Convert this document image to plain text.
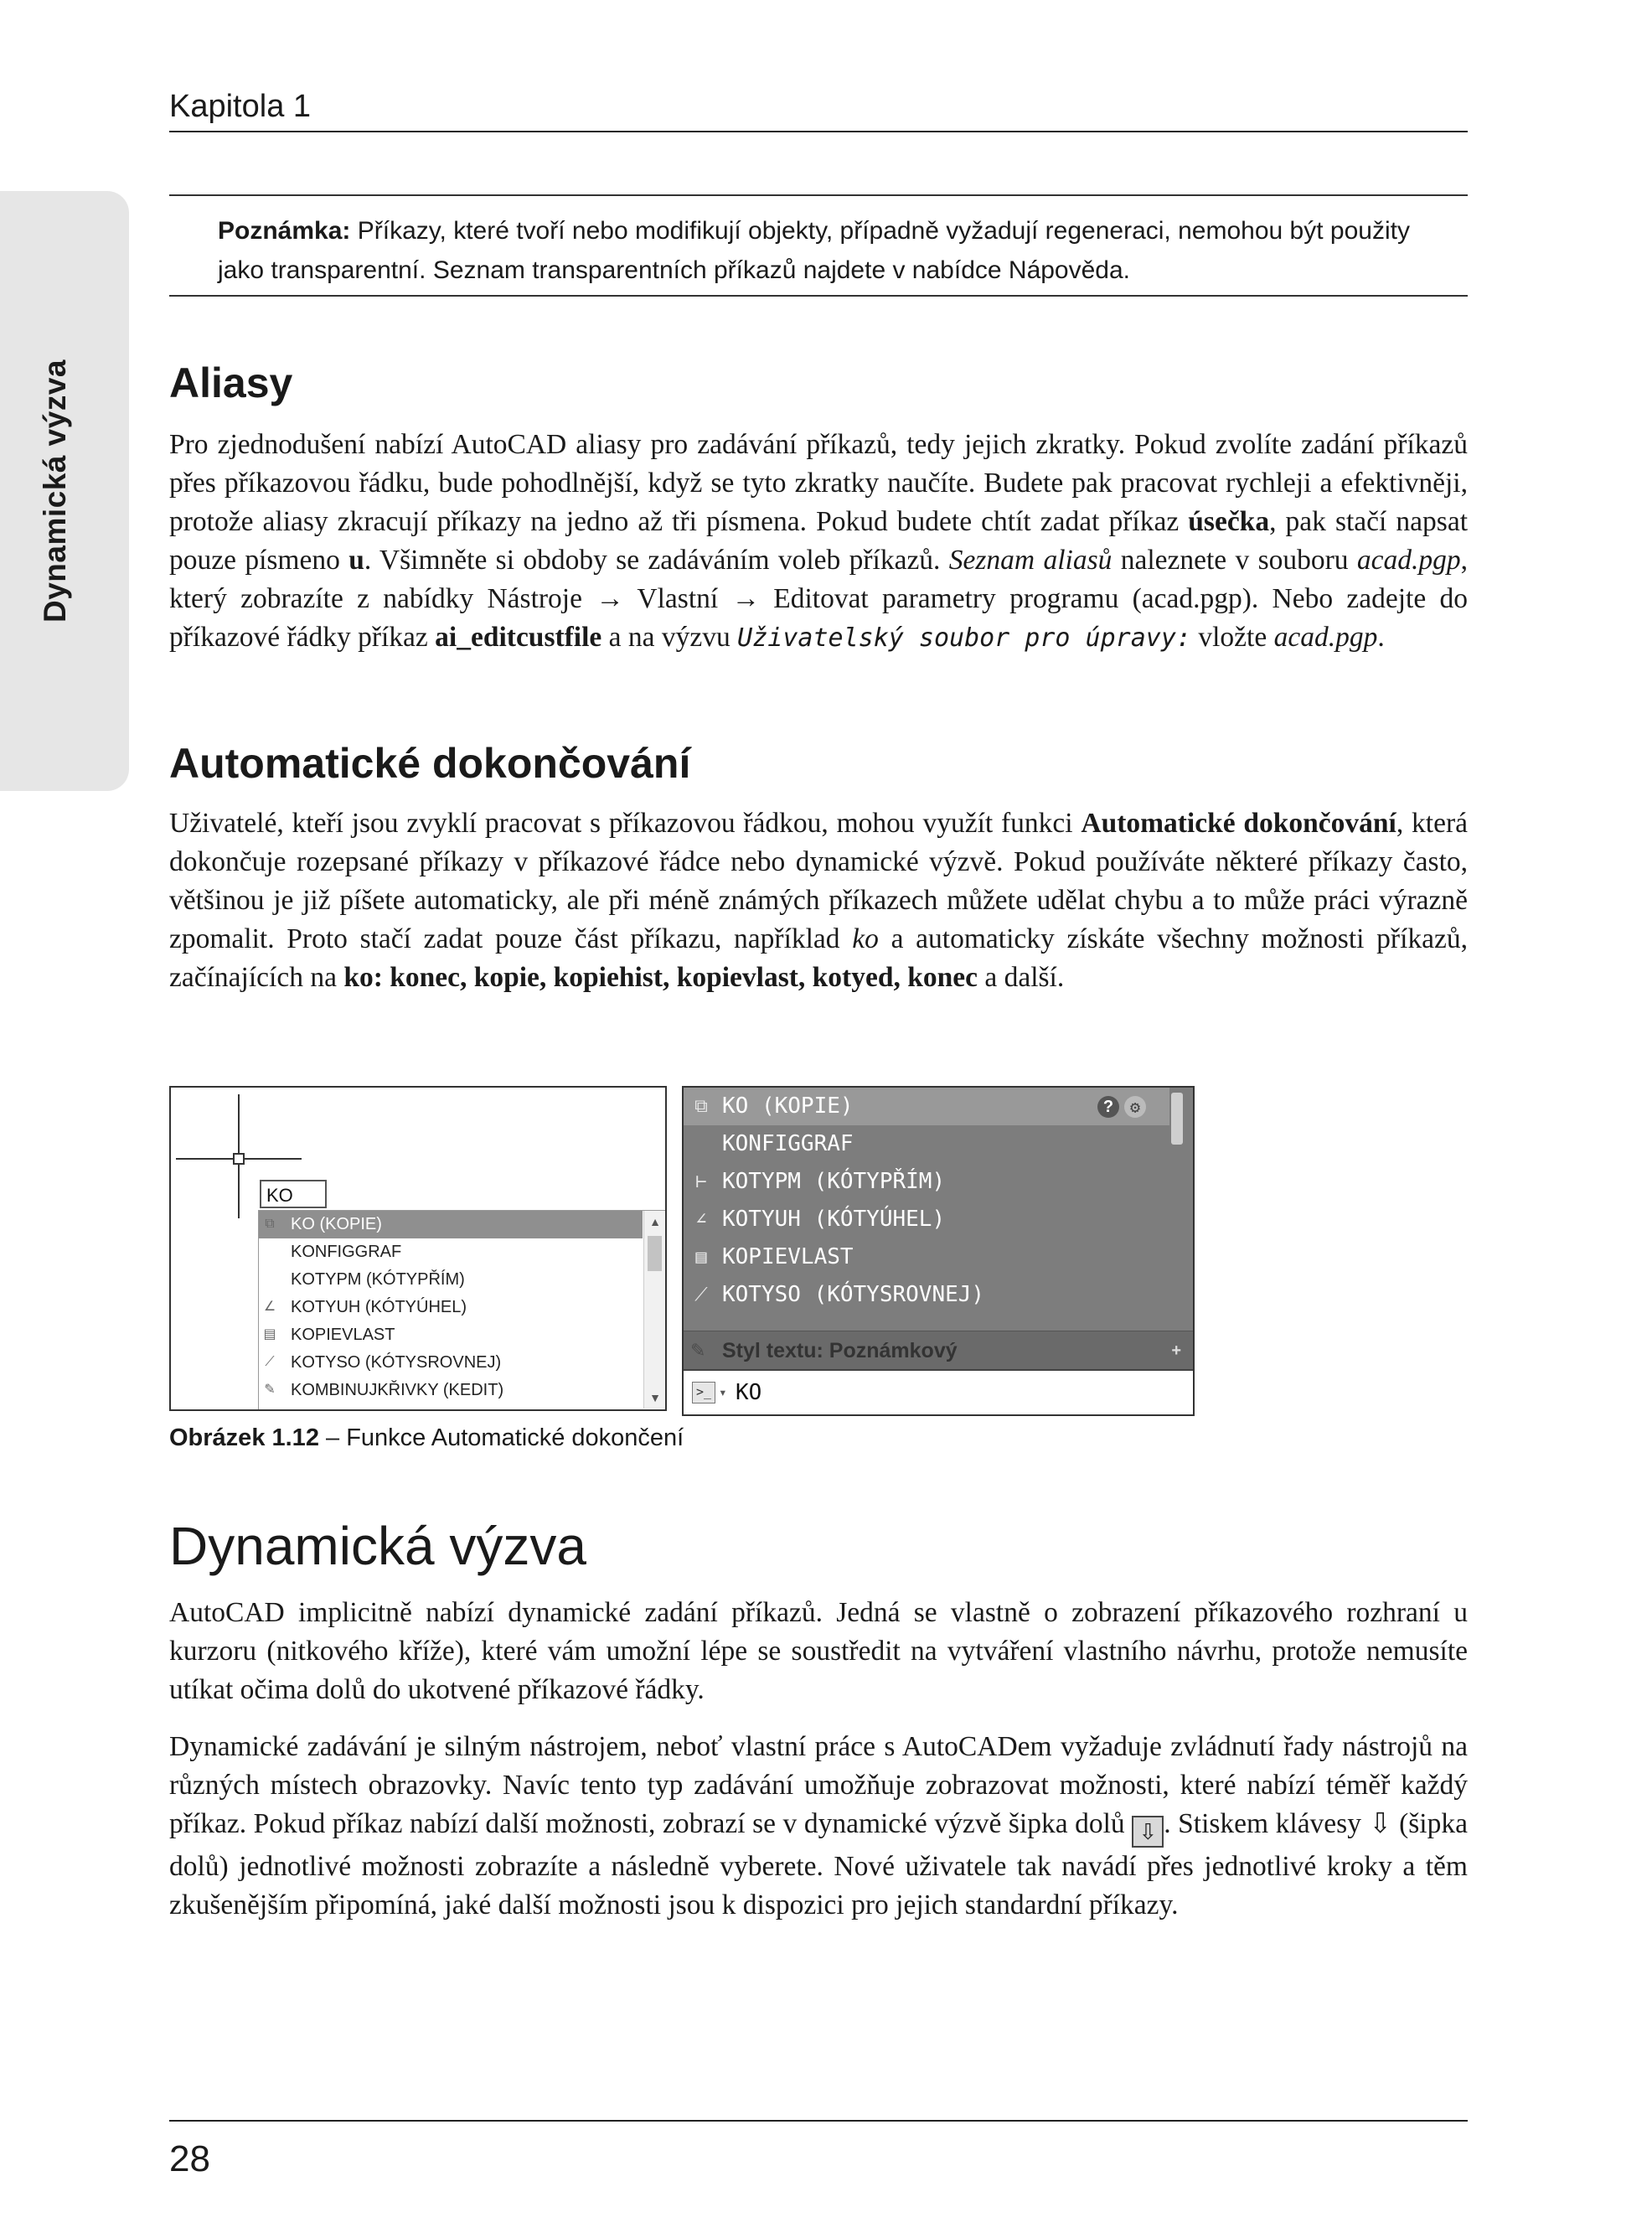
Kapitola 1
Dynamická výzva

Poznámka: Příkazy, které tvoří nebo modifikují objekty, případně vyžadují regeneraci, nemohou být použity jako transparentní. Seznam transparentních příkazů najdete v nabídce Nápověda.

Aliasy

Pro zjednodušení nabízí AutoCAD aliasy pro zadávání příkazů, tedy jejich zkratky. Pokud zvolíte zadání příkazů přes příkazovou řádku, bude pohodlnější, když se tyto zkratky naučíte. Budete pak pracovat rychleji a efektivněji, protože aliasy zkracují příkazy na jedno až tři písmena. Pokud budete chtít zadat příkaz úsečka, pak stačí napsat pouze písmeno u. Všimněte si obdoby se zadáváním voleb příkazů. Seznam aliasů naleznete v souboru acad.pgp, který zobrazíte z nabídky Nástroje → Vlastní → Editovat parametry programu (acad.pgp). Nebo zadejte do příkazové řádky příkaz ai_editcustfile a na výzvu Uživatelský soubor pro úpravy: vložte acad.pgp.

Automatické dokončování

Uživatelé, kteří jsou zvyklí pracovat s příkazovou řádkou, mohou využít funkci Automatické dokončování, která dokončuje rozepsané příkazy v příkazové řádce nebo dynamické výzvě. Pokud používáte některé příkazy často, většinou je již píšete automaticky, ale při méně známých příkazech můžete udělat chybu a to může práci výrazně zpomalit. Proto stačí zadat pouze část příkazu, například ko a automaticky získáte všechny možnosti příkazů, začínajících na ko: konec, kopie, kopiehist, kopievlast, kotyed, konec a další.

KO
⧉ KO (KOPIE)
KONFIGGRAF
KOTYPM (KÓTYPŘÍM)
∠ KOTYUH (KÓTYÚHEL)
▤ KOPIEVLAST
⟋ KOTYSO (KÓTYSROVNEJ)
✎ KOMBINUJKŘIVKY (KEDIT)
▲
▼
⧉ KO (KOPIE)	? ⚙
KONFIGGRAF
⊢ KOTYPM (KÓTYPŘÍM)
∠ KOTYUH (KÓTYÚHEL)
▤ KOPIEVLAST
⟋ KOTYSO (KÓTYSROVNEJ)
✎ Styl textu: Poznámkový	+
>_ ▾ KO
Obrázek 1.12 – Funkce Automatické dokončení
Dynamická výzva

AutoCAD implicitně nabízí dynamické zadání příkazů. Jedná se vlastně o zobrazení příkazového rozhraní u kurzoru (nitkového kříže), které vám umožní lépe se soustředit na vytváření vlastního návrhu, protože nemusíte utíkat očima dolů do ukotvené příkazové řádky.

Dynamické zadávání je silným nástrojem, neboť vlastní práce s AutoCADem vyžaduje zvládnutí řady nástrojů na různých místech obrazovky. Navíc tento typ zadávání umožňuje zobrazovat možnosti, které nabízí téměř každý příkaz. Pokud příkaz nabízí další možnosti, zobrazí se v dynamické výzvě šipka dolů ⇩ . Stiskem klávesy ⇩ (šipka dolů) jednotlivé možnosti zobrazíte a následně vyberete. Nové uživatele tak navádí přes jednotlivé kroky a těm zkušenějším připomíná, jaké další možnosti jsou k dispozici pro jejich standardní příkazy.

28
